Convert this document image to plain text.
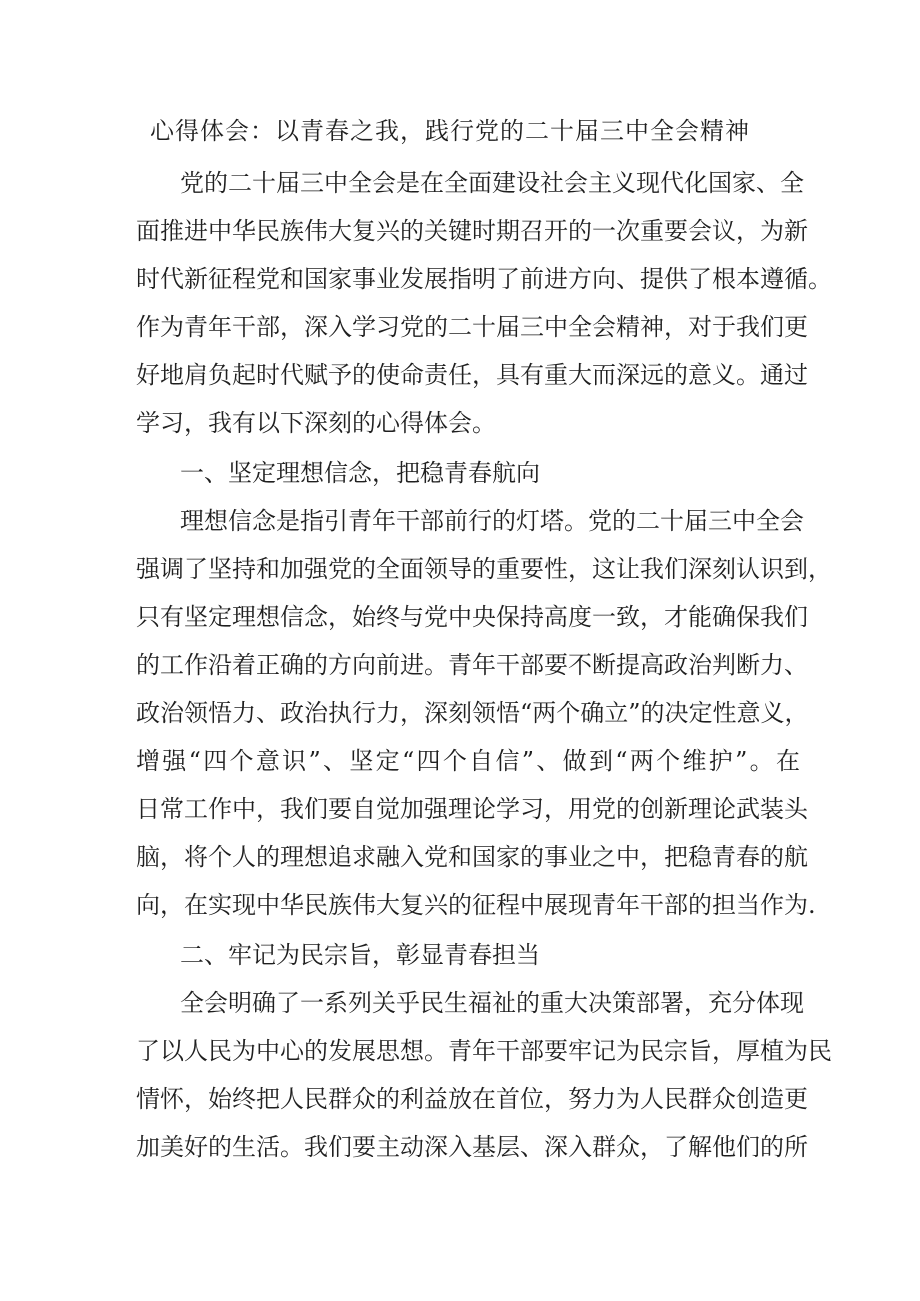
心得体会：以青春之我，践行党的二十届三中全会精神
党的二十届三中全会是在全面建设社会主义现代化国家、全
面推进中华民族伟大复兴的关键时期召开的一次重要会议，为新
时代新征程党和国家事业发展指明了前进方向、提供了根本遵循。
作为青年干部，深入学习党的二十届三中全会精神，对于我们更
好地肩负起时代赋予的使命责任，具有重大而深远的意义。通过
学习，我有以下深刻的心得体会。
一、坚定理想信念，把稳青春航向
理想信念是指引青年干部前行的灯塔。党的二十届三中全会
强调了坚持和加强党的全面领导的重要性，这让我们深刻认识到，
只有坚定理想信念，始终与党中央保持高度一致，才能确保我们
的工作沿着正确的方向前进。青年干部要不断提高政治判断力、
政治领悟力、政治执行力，深刻领悟“两个确立”的决定性意义，
增强“四个意识”、坚定“四个自信”、做到“两个维护”。在
日常工作中，我们要自觉加强理论学习，用党的创新理论武装头
脑，将个人的理想追求融入党和国家的事业之中，把稳青春的航
向，在实现中华民族伟大复兴的征程中展现青年干部的担当作为.
二、牢记为民宗旨，彰显青春担当
全会明确了一系列关乎民生福祉的重大决策部署，充分体现
了以人民为中心的发展思想。青年干部要牢记为民宗旨，厚植为民
情怀，始终把人民群众的利益放在首位，努力为人民群众创造更
加美好的生活。我们要主动深入基层、深入群众，了解他们的所
